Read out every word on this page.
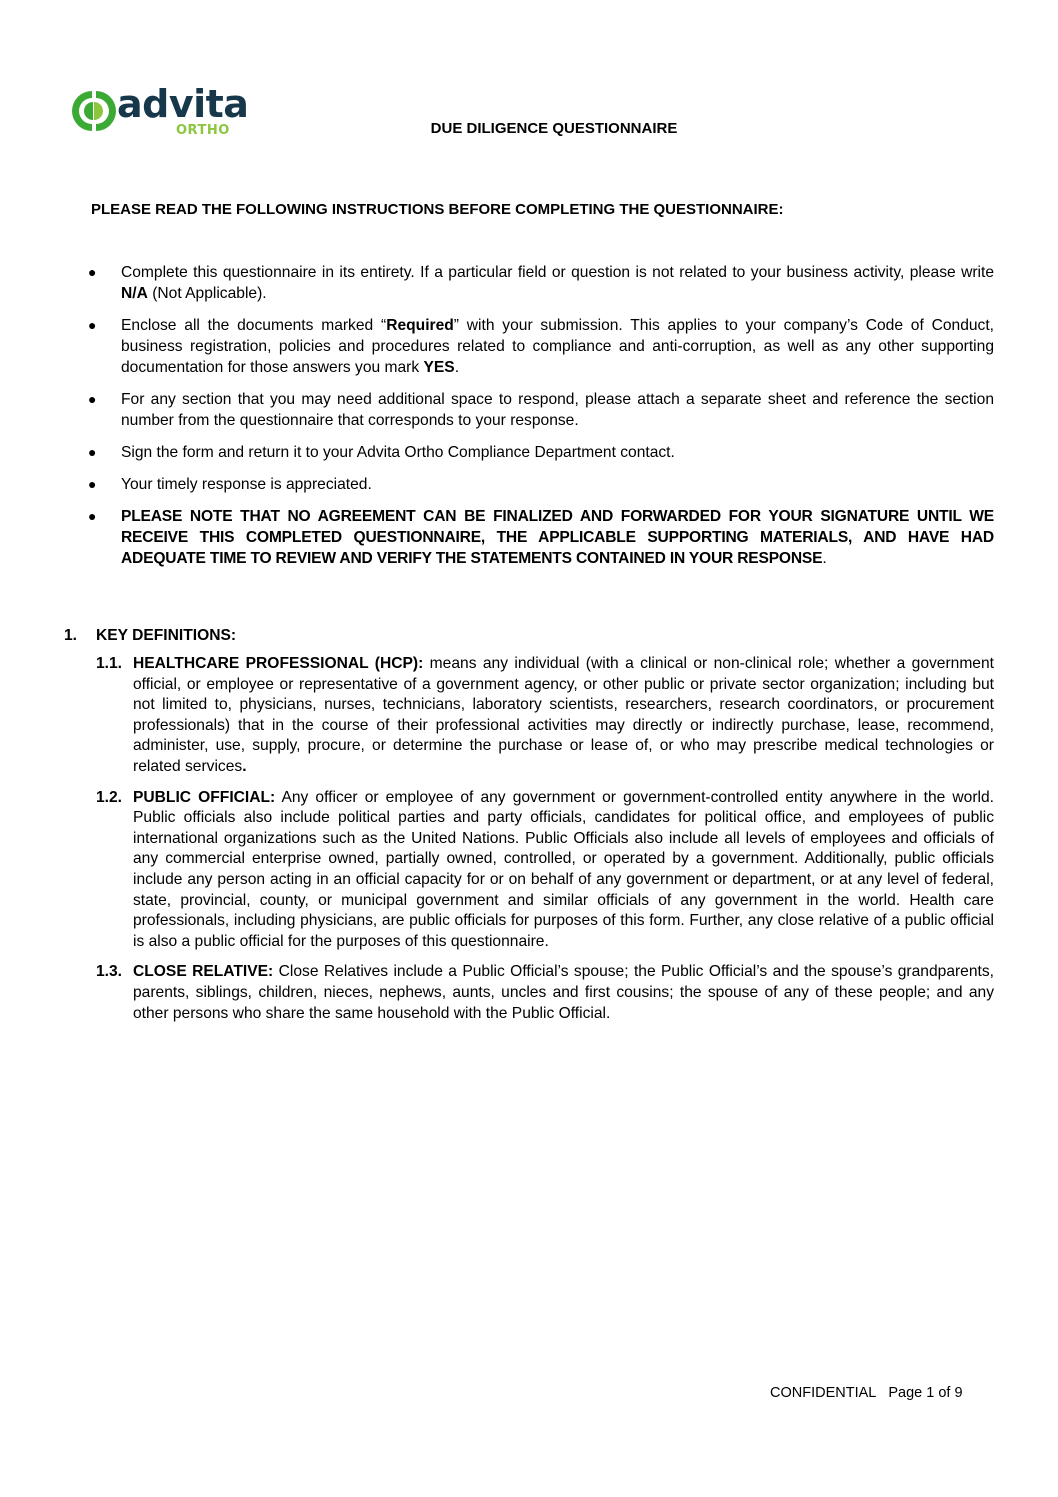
advita
ORTHO	DUE DILIGENCE QUESTIONNAIRE
PLEASE READ THE FOLLOWING INSTRUCTIONS BEFORE COMPLETING THE QUESTIONNAIRE:
● Complete this questionnaire in its entirety. If a particular field or question is not related to your business activity, please write N/A (Not Applicable).
● Enclose all the documents marked “Required” with your submission. This applies to your company’s Code of Conduct, business registration, policies and procedures related to compliance and anti-corruption, as well as any other supporting documentation for those answers you mark YES.
● For any section that you may need additional space to respond, please attach a separate sheet and reference the section number from the questionnaire that corresponds to your response.
● Sign the form and return it to your Advita Ortho Compliance Department contact.
● Your timely response is appreciated.
● PLEASE NOTE THAT NO AGREEMENT CAN BE FINALIZED AND FORWARDED FOR YOUR SIGNATURE UNTIL WE RECEIVE THIS COMPLETED QUESTIONNAIRE, THE APPLICABLE SUPPORTING MATERIALS, AND HAVE HAD ADEQUATE TIME TO REVIEW AND VERIFY THE STATEMENTS CONTAINED IN YOUR RESPONSE.
1. KEY DEFINITIONS:
1.1. HEALTHCARE PROFESSIONAL (HCP): means any individual (with a clinical or non-clinical role; whether a government official, or employee or representative of a government agency, or other public or private sector organization; including but not limited to, physicians, nurses, technicians, laboratory scientists, researchers, research coordinators, or procurement professionals) that in the course of their professional activities may directly or indirectly purchase, lease, recommend, administer, use, supply, procure, or determine the purchase or lease of, or who may prescribe medical technologies or related services.
1.2. PUBLIC OFFICIAL: Any officer or employee of any government or government-controlled entity anywhere in the world. Public officials also include political parties and party officials, candidates for political office, and employees of public international organizations such as the United Nations. Public Officials also include all levels of employees and officials of any commercial enterprise owned, partially owned, controlled, or operated by a government. Additionally, public officials include any person acting in an official capacity for or on behalf of any government or department, or at any level of federal, state, provincial, county, or municipal government and similar officials of any government in the world. Health care professionals, including physicians, are public officials for purposes of this form. Further, any close relative of a public official is also a public official for the purposes of this questionnaire.
1.3. CLOSE RELATIVE: Close Relatives include a Public Official’s spouse; the Public Official’s and the spouse’s grandparents, parents, siblings, children, nieces, nephews, aunts, uncles and first cousins; the spouse of any of these people; and any other persons who share the same household with the Public Official.
CONFIDENTIAL Page 1 of 9
